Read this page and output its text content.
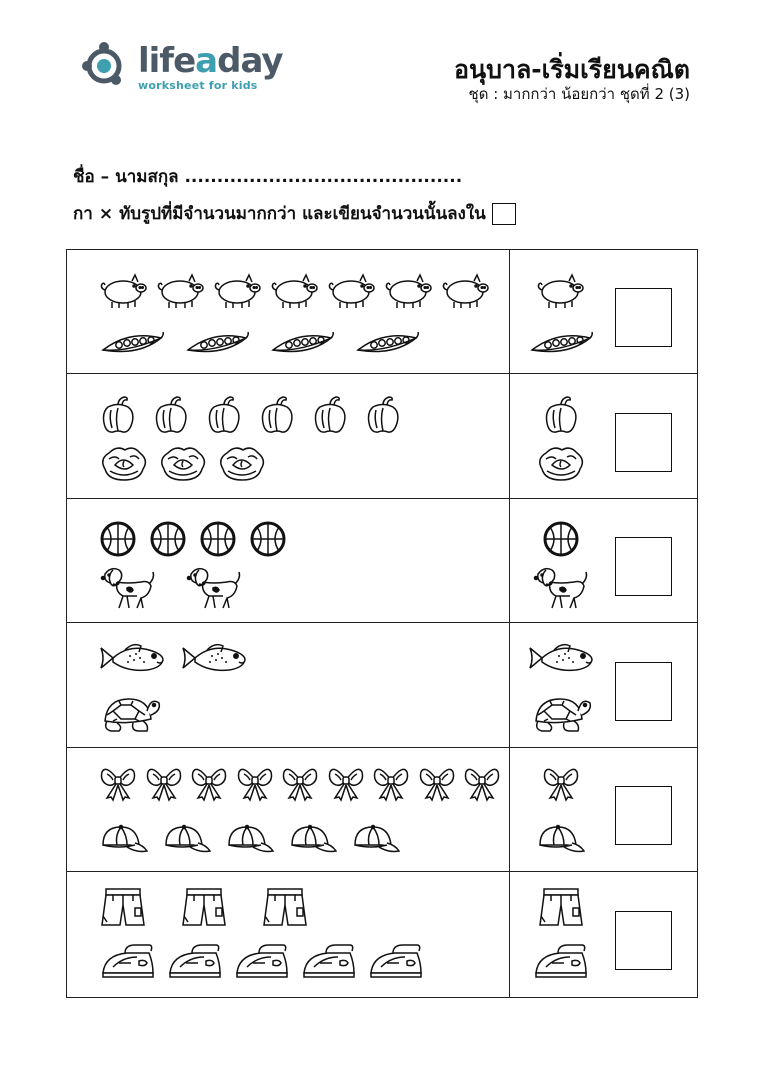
lifeaday
worksheet for kids
อนุบาล-เริ่มเรียนคณิต
ชุด : มากกว่า น้อยกว่า ชุดที่ 2 (3)
ชื่อ – นามสกุล ...........................................
กา × ทับรูปที่มีจำนวนมากกว่า และเขียนจำนวนนั้นลงใน
